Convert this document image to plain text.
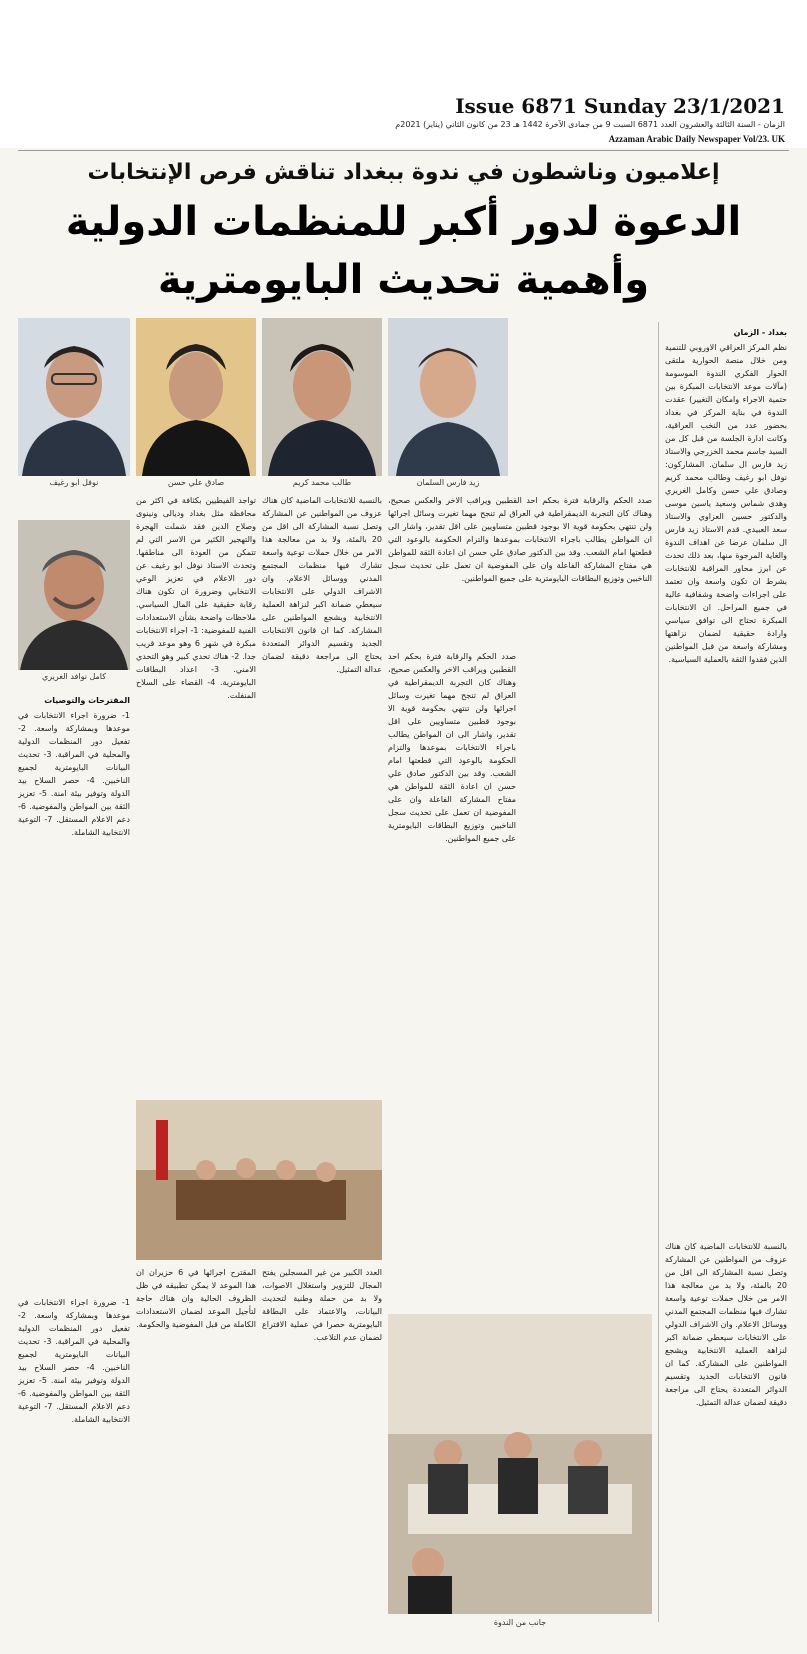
Issue 6871 Sunday 23/1/2021
الزمان - السنة الثالثة والعشرون العدد 6871 السبت 9 من جمادى الآخرة 1442 هـ 23 من كانون الثاني (يناير) 2021م
Azzaman Arabic Daily Newspaper Vol/23. UK
إعلاميون وناشطون في ندوة ببغداد تناقش فرص الإنتخابات
الدعوة لدور أكبر للمنظمات الدولية
وأهمية تحديث البايومترية
بغداد - الزمان
نظم المركز العراقي الاوروبي للتنمية ومن خلال منصة الحوارية ملتقى الحوار الفكري الندوة الموسومة (مآلات موعد الانتخابات المبكرة بين حتمية الاجراء وامكان التغيير) عقدت الندوة في بناية المركز في بغداد بحضور عدد من النخب العراقية، وكانت ادارة الجلسة من قبل كل من السيد جاسم محمد الخزرجي والاستاذ زيد فارس ال سلمان. المشاركون: نوفل ابو رغيف وطالب محمد كريم وصادق علي حسن وكامل الغريري وهدى شماس وسعيد ياسين موسى والدكتور حسين العزاوي والاستاذ سعد العبيدي. قدم الاستاذ زيد فارس ال سلمان عرضا عن اهداف الندوة والغاية المرجوة منها، بعد ذلك تحدث عن ابرز محاور المراقبة للانتخابات بشرط ان تكون واسعة وان تعتمد على اجراءات واضحة وشفافية عالية في جميع المراحل. ان الانتخابات المبكرة تحتاج الى توافق سياسي وارادة حقيقية لضمان نزاهتها ومشاركة واسعة من قبل المواطنين الذين فقدوا الثقة بالعملية السياسية.
زيد فارس السلمان
طالب محمد كريم
صادق علي حسن
نوفل ابو رغيف
صدد الحكم والرقابة فترة بحكم احد القطبين ويراقب الاخر والعكس صحيح، وهناك كان التجربة الديمقراطية في العراق لم تنجح مهما تغيرت وسائل اجرائها ولن تنتهي بحكومة قوية الا بوجود قطبين متساويين على اقل تقدير، واشار الى ان المواطن يطالب باجراء الانتخابات بموعدها والتزام الحكومة بالوعود التي قطعتها امام الشعب. وقد بين الدكتور صادق علي حسن ان اعادة الثقة للمواطن هي مفتاح المشاركة الفاعلة وان على المفوضية ان تعمل على تحديث سجل الناخبين وتوزيع البطاقات البايومترية على جميع المواطنين.
صدد الحكم والرقابة فترة بحكم احد القطبين ويراقب الاخر والعكس صحيح، وهناك كان التجربة الديمقراطية في العراق لم تنجح مهما تغيرت وسائل اجرائها ولن تنتهي بحكومة قوية الا بوجود قطبين متساويين على اقل تقدير، واشار الى ان المواطن يطالب باجراء الانتخابات بموعدها والتزام الحكومة بالوعود التي قطعتها امام الشعب. وقد بين الدكتور صادق علي حسن ان اعادة الثقة للمواطن هي مفتاح المشاركة الفاعلة وان على المفوضية ان تعمل على تحديث سجل الناخبين وتوزيع البطاقات البايومترية على جميع المواطنين.
بالنسبة للانتخابات الماضية كان هناك عزوف من المواطنين عن المشاركة وتصل نسبة المشاركة الى اقل من 20 بالمئة، ولا بد من معالجة هذا الامر من خلال حملات توعية واسعة تشارك فيها منظمات المجتمع المدني ووسائل الاعلام. وان الاشراف الدولي على الانتخابات سيعطي ضمانة اكبر لنزاهة العملية الانتخابية ويشجع المواطنين على المشاركة. كما ان قانون الانتخابات الجديد وتقسيم الدوائر المتعددة يحتاج الى مراجعة دقيقة لضمان عدالة التمثيل.
تواجد الفيطيين بكثافة في اكثر من محافظة مثل بغداد وديالى ونينوى وصلاح الدين فقد شملت الهجرة والتهجير الكثير من الاسر التي لم تتمكن من العودة الى مناطقها. وتحدث الاستاذ نوفل ابو رغيف عن دور الاعلام في تعزيز الوعي الانتخابي وضرورة ان تكون هناك رقابة حقيقية على المال السياسي. ملاحظات واضحة بشأن الاستعدادات الفنية للمفوضية: 1- اجراء الانتخابات مبكرة في شهر 6 وهو موعد قريب جدا. 2- هناك تحدي كبير وهو التحدي الامني. 3- اعداد البطاقات البايومترية. 4- القضاء على السلاح المنفلت.
كامل نوافد الغريري
المقترحات والتوصيات
1- ضرورة اجراء الانتخابات في موعدها وبمشاركة واسعة. 2- تفعيل دور المنظمات الدولية والمحلية في المراقبة. 3- تحديث البيانات البايومترية لجميع الناخبين. 4- حصر السلاح بيد الدولة وتوفير بيئة امنة. 5- تعزيز الثقة بين المواطن والمفوضية. 6- دعم الاعلام المستقل. 7- التوعية الانتخابية الشاملة.
جانب من الندوة
العدد الكبير من غير المسجلين يفتح المجال للتزوير واستغلال الاصوات، ولا بد من حملة وطنية لتحديث البيانات، والاعتماد على البطاقة البايومترية حصرا في عملية الاقتراع لضمان عدم التلاعب.
المقترح اجرائها في 6 حزيران ان هذا الموعد لا يمكن تطبيقه في ظل الظروف الحالية وان هناك حاجة لتأجيل الموعد لضمان الاستعدادات الكاملة من قبل المفوضية والحكومة.
1- ضرورة اجراء الانتخابات في موعدها وبمشاركة واسعة. 2- تفعيل دور المنظمات الدولية والمحلية في المراقبة. 3- تحديث البيانات البايومترية لجميع الناخبين. 4- حصر السلاح بيد الدولة وتوفير بيئة امنة. 5- تعزيز الثقة بين المواطن والمفوضية. 6- دعم الاعلام المستقل. 7- التوعية الانتخابية الشاملة.
بالنسبة للانتخابات الماضية كان هناك عزوف من المواطنين عن المشاركة وتصل نسبة المشاركة الى اقل من 20 بالمئة، ولا بد من معالجة هذا الامر من خلال حملات توعية واسعة تشارك فيها منظمات المجتمع المدني ووسائل الاعلام. وان الاشراف الدولي على الانتخابات سيعطي ضمانة اكبر لنزاهة العملية الانتخابية ويشجع المواطنين على المشاركة. كما ان قانون الانتخابات الجديد وتقسيم الدوائر المتعددة يحتاج الى مراجعة دقيقة لضمان عدالة التمثيل.
